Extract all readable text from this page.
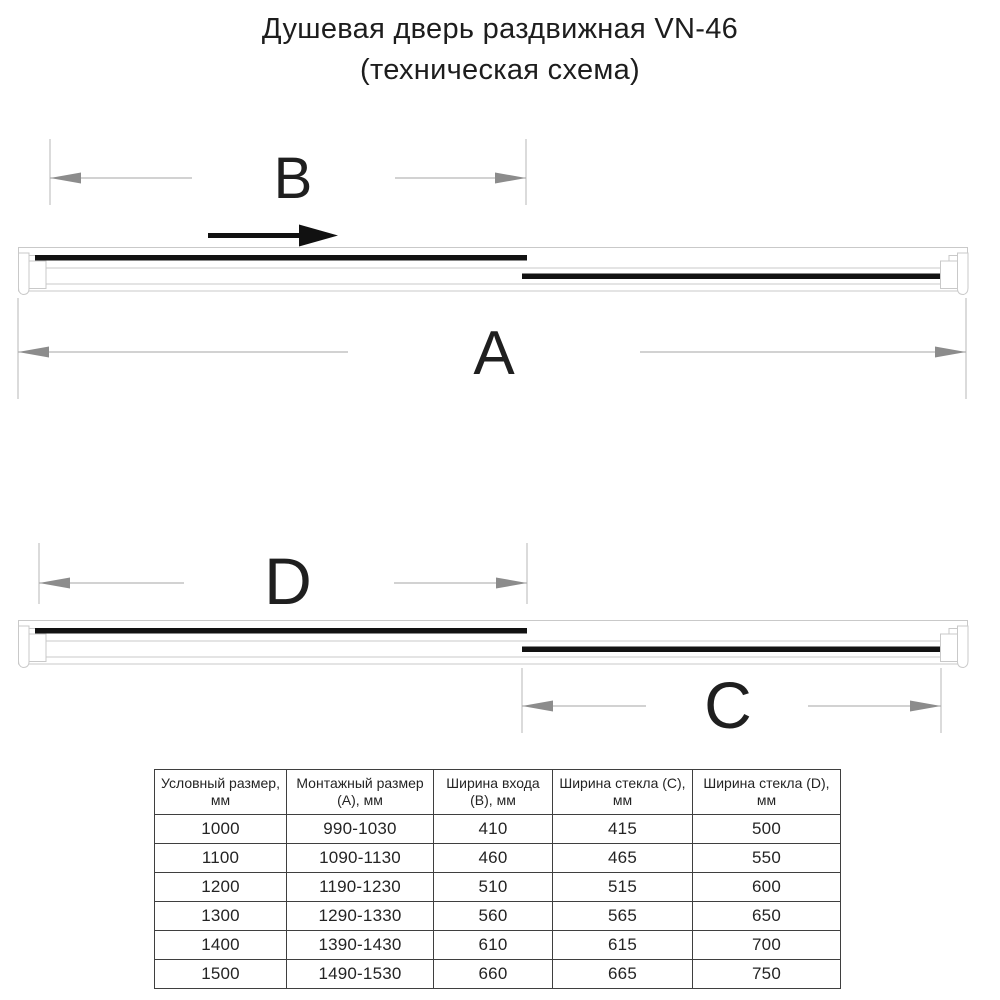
Душевая дверь раздвижная VN-46
(техническая схема)
B
A
D
C
Условный размер, мм	Монтажный размер (A), мм	Ширина входа (B), мм	Ширина стекла (C), мм	Ширина стекла (D), мм
1000	990-1030	410	415	500
1100	1090-1130	460	465	550
1200	1190-1230	510	515	600
1300	1290-1330	560	565	650
1400	1390-1430	610	615	700
1500	1490-1530	660	665	750
